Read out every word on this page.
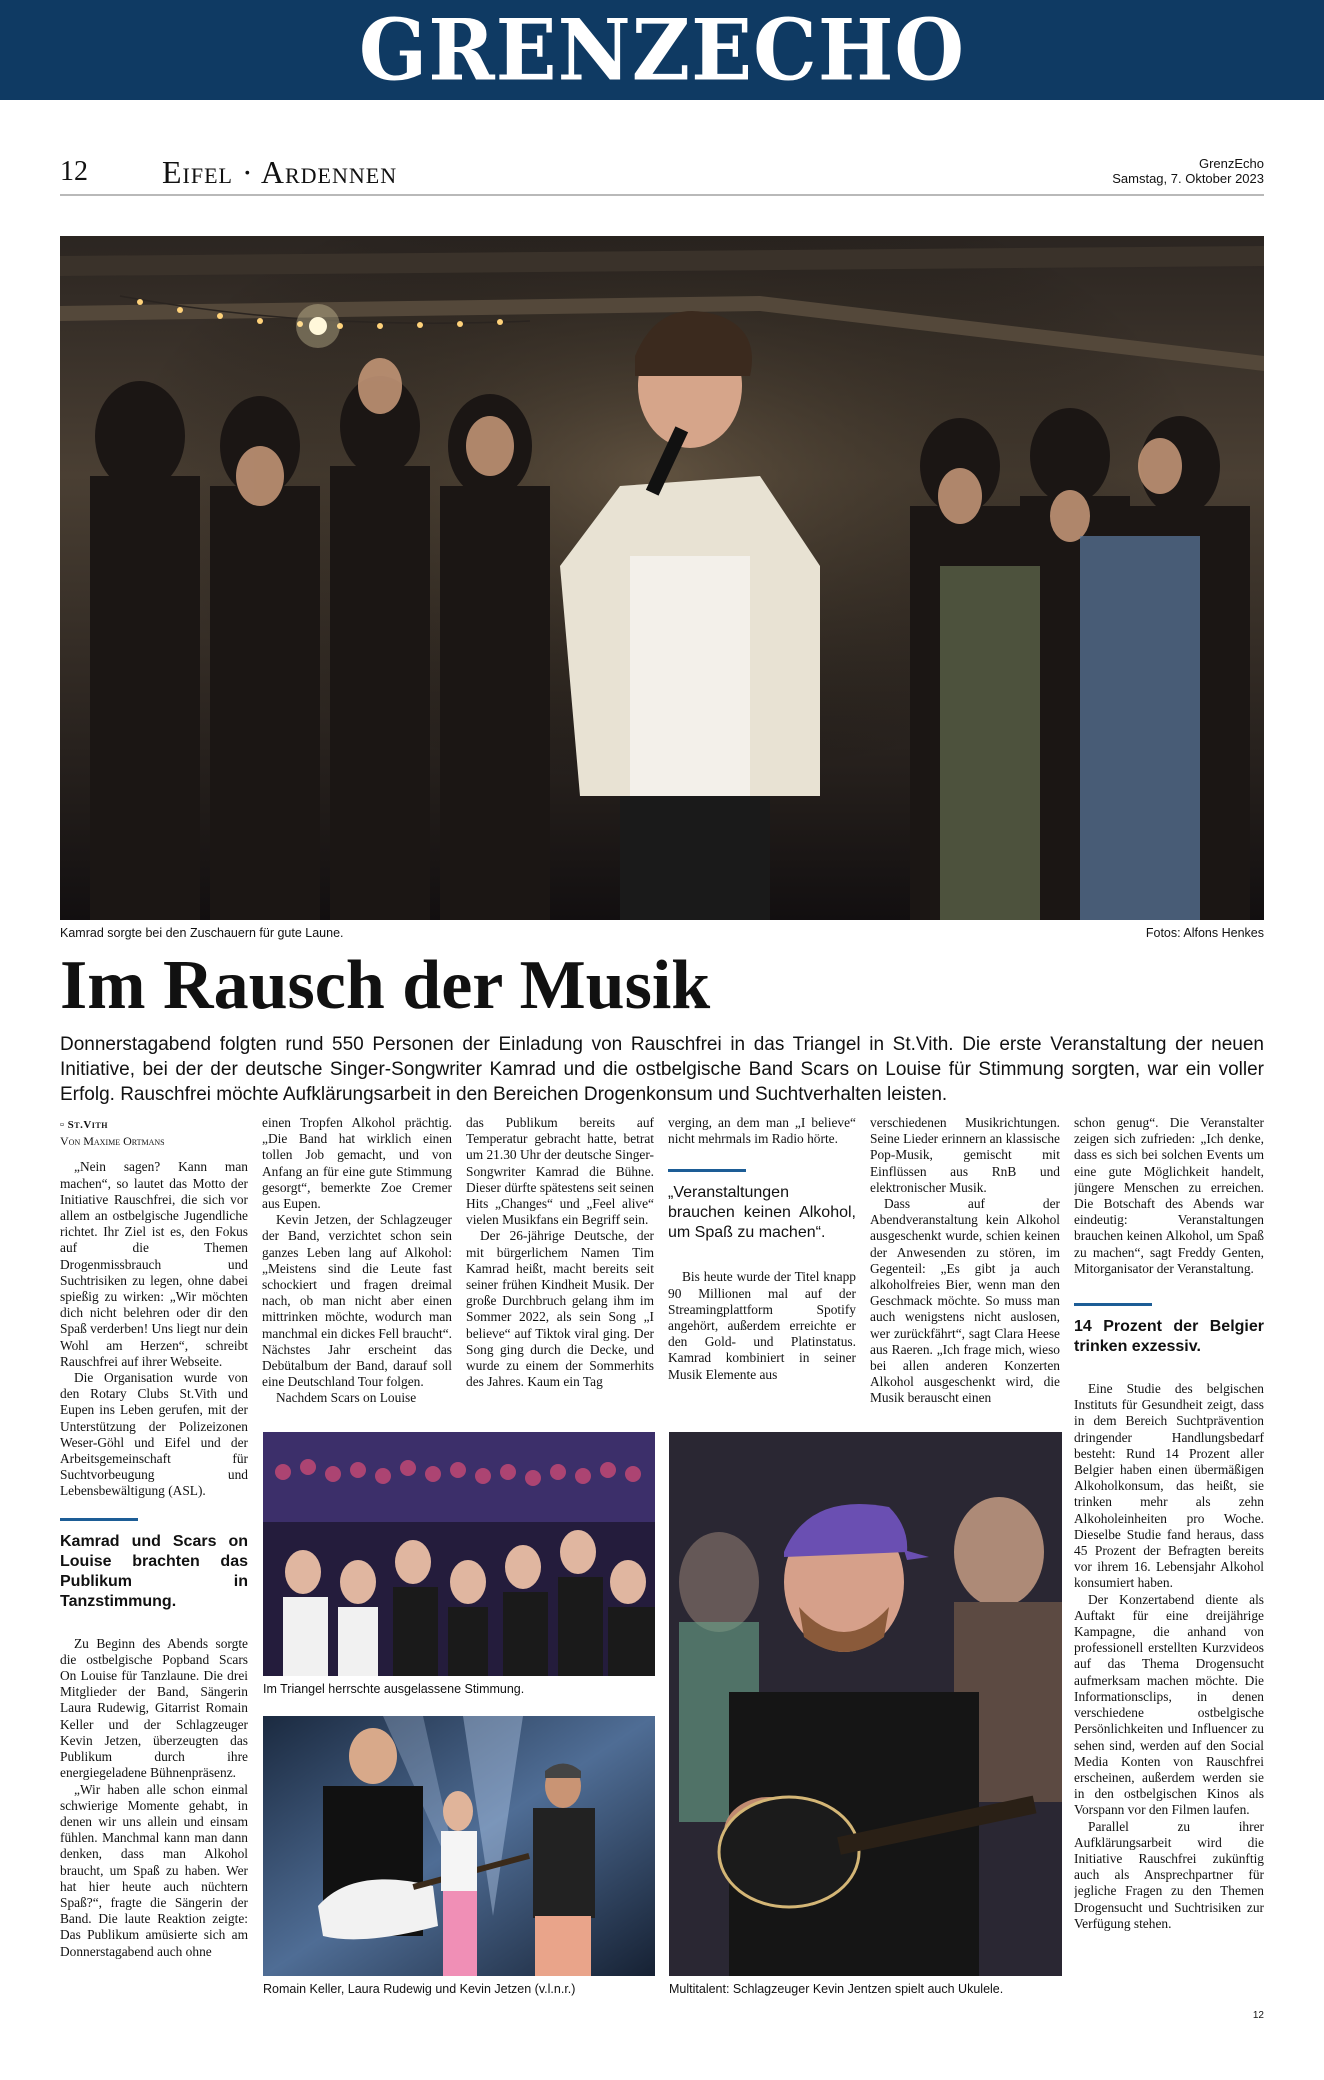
GRENZECHO
12 Eifel · Ardennen	GrenzEcho
Samstag, 7. Oktober 2023
Kamrad sorgte bei den Zuschauern für gute Laune.	Fotos: Alfons Henkes
Im Rausch der Musik
Donnerstagabend folgten rund 550 Personen der Einladung von Rauschfrei in das Triangel in St.Vith. Die erste Veranstaltung der neuen Initiative, bei der der deutsche Singer-Songwriter Kamrad und die ostbelgische Band Scars on Louise für Stimmung sorgten, war ein voller Erfolg. Rauschfrei möchte Aufklärungsarbeit in den Bereichen Drogenkonsum und Suchtverhalten leisten.
▫ St.Vith
Von Maxime Ortmans

„Nein sagen? Kann man machen“, so lautet das Motto der Initiative Rauschfrei, die sich vor allem an ostbelgische Jugendliche richtet. Ihr Ziel ist es, den Fokus auf die Themen Drogenmissbrauch und Suchtrisiken zu legen, ohne dabei spießig zu wirken: „Wir möchten dich nicht belehren oder dir den Spaß verderben! Uns liegt nur dein Wohl am Herzen“, schreibt Rauschfrei auf ihrer Webseite.

Die Organisation wurde von den Rotary Clubs St.Vith und Eupen ins Leben gerufen, mit der Unterstützung der Polizeizonen Weser-Göhl und Eifel und der Arbeitsgemeinschaft für Suchtvorbeugung und Lebensbewältigung (ASL).

Kamrad und Scars on Louise brachten das Publikum in Tanzstimmung.

Zu Beginn des Abends sorgte die ostbelgische Popband Scars On Louise für Tanzlaune. Die drei Mitglieder der Band, Sängerin Laura Rudewig, Gitarrist Romain Keller und der Schlagzeuger Kevin Jetzen, überzeugten das Publikum durch ihre energiegeladene Bühnenpräsenz.

„Wir haben alle schon einmal schwierige Momente gehabt, in denen wir uns allein und einsam fühlen. Manchmal kann man dann denken, dass man Alkohol braucht, um Spaß zu haben. Wer hat hier heute auch nüchtern Spaß?“, fragte die Sängerin der Band. Die laute Reaktion zeigte: Das Publikum amüsierte sich am Donnerstagabend auch ohne

einen Tropfen Alkohol prächtig. „Die Band hat wirklich einen tollen Job gemacht, und von Anfang an für eine gute Stimmung gesorgt“, bemerkte Zoe Cremer aus Eupen.

Kevin Jetzen, der Schlagzeuger der Band, verzichtet schon sein ganzes Leben lang auf Alkohol: „Meistens sind die Leute fast schockiert und fragen dreimal nach, ob man nicht aber einen mittrinken möchte, wodurch man manchmal ein dickes Fell braucht“. Nächstes Jahr erscheint das Debütalbum der Band, darauf soll eine Deutschland Tour folgen.

Nachdem Scars on Louise

das Publikum bereits auf Temperatur gebracht hatte, betrat um 21.30 Uhr der deutsche Singer-Songwriter Kamrad die Bühne. Dieser dürfte spätestens seit seinen Hits „Changes“ und „Feel alive“ vielen Musikfans ein Begriff sein.

Der 26-jährige Deutsche, der mit bürgerlichem Namen Tim Kamrad heißt, macht bereits seit seiner frühen Kindheit Musik. Der große Durchbruch gelang ihm im Sommer 2022, als sein Song „I believe“ auf Tiktok viral ging. Der Song ging durch die Decke, und wurde zu einem der Sommerhits des Jahres. Kaum ein Tag

verging, an dem man „I believe“ nicht mehrmals im Radio hörte.

„Veranstaltungen brauchen keinen Alkohol, um Spaß zu machen“.

Bis heute wurde der Titel knapp 90 Millionen mal auf der Streamingplattform Spotify angehört, außerdem erreichte er den Gold- und Platinstatus. Kamrad kombiniert in seiner Musik Elemente aus

verschiedenen Musikrichtungen. Seine Lieder erinnern an klassische Pop-Musik, gemischt mit Einflüssen aus RnB und elektronischer Musik.

Dass auf der Abendveranstaltung kein Alkohol ausgeschenkt wurde, schien keinen der Anwesenden zu stören, im Gegenteil: „Es gibt ja auch alkoholfreies Bier, wenn man den Geschmack möchte. So muss man auch wenigstens nicht auslosen, wer zurückfährt“, sagt Clara Heese aus Raeren. „Ich frage mich, wieso bei allen anderen Konzerten Alkohol ausgeschenkt wird, die Musik berauscht einen

schon genug“. Die Veranstalter zeigen sich zufrieden: „Ich denke, dass es sich bei solchen Events um eine gute Möglichkeit handelt, jüngere Menschen zu erreichen. Die Botschaft des Abends war eindeutig: Veranstaltungen brauchen keinen Alkohol, um Spaß zu machen“, sagt Freddy Genten, Mitorganisator der Veranstaltung.

14 Prozent der Belgier trinken exzessiv.

Eine Studie des belgischen Instituts für Gesundheit zeigt, dass in dem Bereich Suchtprävention dringender Handlungsbedarf besteht: Rund 14 Prozent aller Belgier haben einen übermäßigen Alkoholkonsum, das heißt, sie trinken mehr als zehn Alkoholeinheiten pro Woche. Dieselbe Studie fand heraus, dass 45 Prozent der Befragten bereits vor ihrem 16. Lebensjahr Alkohol konsumiert haben.

Der Konzertabend diente als Auftakt für eine dreijährige Kampagne, die anhand von professionell erstellten Kurzvideos auf das Thema Drogensucht aufmerksam machen möchte. Die Informationsclips, in denen verschiedene ostbelgische Persönlichkeiten und Influencer zu sehen sind, werden auf den Social Media Konten von Rauschfrei erscheinen, außerdem werden sie in den ostbelgischen Kinos als Vorspann vor den Filmen laufen.

Parallel zu ihrer Aufklärungsarbeit wird die Initiative Rauschfrei zukünftig auch als Ansprechpartner für jegliche Fragen zu den Themen Drogensucht und Suchtrisiken zur Verfügung stehen.

Im Triangel herrschte ausgelassene Stimmung.
Romain Keller, Laura Rudewig und Kevin Jetzen (v.l.n.r.)	Multitalent: Schlagzeuger Kevin Jentzen spielt auch Ukulele.
12
